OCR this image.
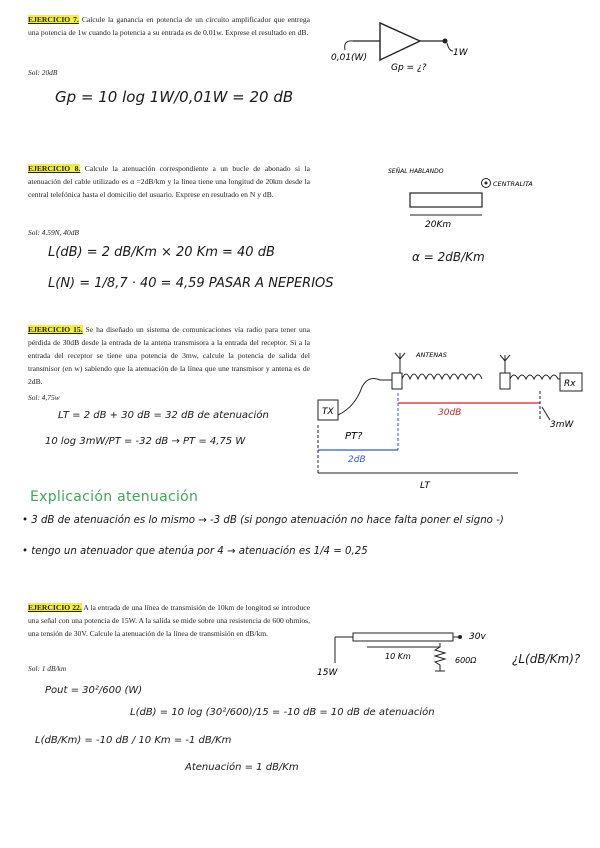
EJERCICIO 7. Calcule la ganancia en potencia de un circuito amplificador que entrega una potencia de 1w cuando la potencia a su entrada es de 0.01w. Exprese el resultado en dB.
Sol: 20dB
Gp = 10 log 1W/0,01W = 20 dB
0,01(W)	1W
Gp = ¿?
EJERCICIO 8. Calcule la atenuación correspondiente a un bucle de abonado si la atenuación del cable utilizado es α =2dB/km y la línea tiene una longitud de 20km desde la central telefónica hasta el domicilio del usuario. Exprese en resultado en N y dB.
Sol: 4.59N, 40dB
L(dB) = 2 dB/Km × 20 Km = 40 dB
L(N) = 1/8,7 · 40 = 4,59 PASAR A NEPERIOS
SEÑAL HABLANDO
CENTRALITA
20Km
α = 2dB/Km
EJERCICIO 15. Se ha diseñado un sistema de comunicaciones vía radio para tener una pérdida de 30dB desde la entrada de la antena transmisora a la entrada del receptor. Si a la entrada del receptor se tiene una potencia de 3mw, calcule la potencia de salida del transmisor (en w) sabiendo que la atenuación de la línea que une transmisor y antena es de 2dB.
Sol: 4,75w
LT = 2 dB + 30 dB = 32 dB de atenuación
10 log 3mW/PT = -32 dB → PT = 4,75 W
ANTENAS
TX
Rx
30dB
3mW
PT?
2dB
LT
Explicación atenuación
• 3 dB de atenuación es lo mismo → -3 dB (si pongo atenuación no hace falta poner el signo -)
• tengo un atenuador que atenúa por 4 → atenuación es 1/4 = 0,25
EJERCICIO 22. A la entrada de una línea de transmisión de 10km de longitud se introduce una señal con una potencia de 15W. A la salida se mide sobre una resistencia de 600 ohmios, una tensión de 30V. Calcule la atenuación de la línea de transmisión en dB/km.
Sol: 1 dB/km
Pout = 30²/600 (W)
L(dB) = 10 log (30²/600)/15 = -10 dB = 10 dB de atenuación
L(dB/Km) = -10 dB / 10 Km = -1 dB/Km
Atenuación = 1 dB/Km
15W
10 Km
30v
600Ω	¿L(dB/Km)?
